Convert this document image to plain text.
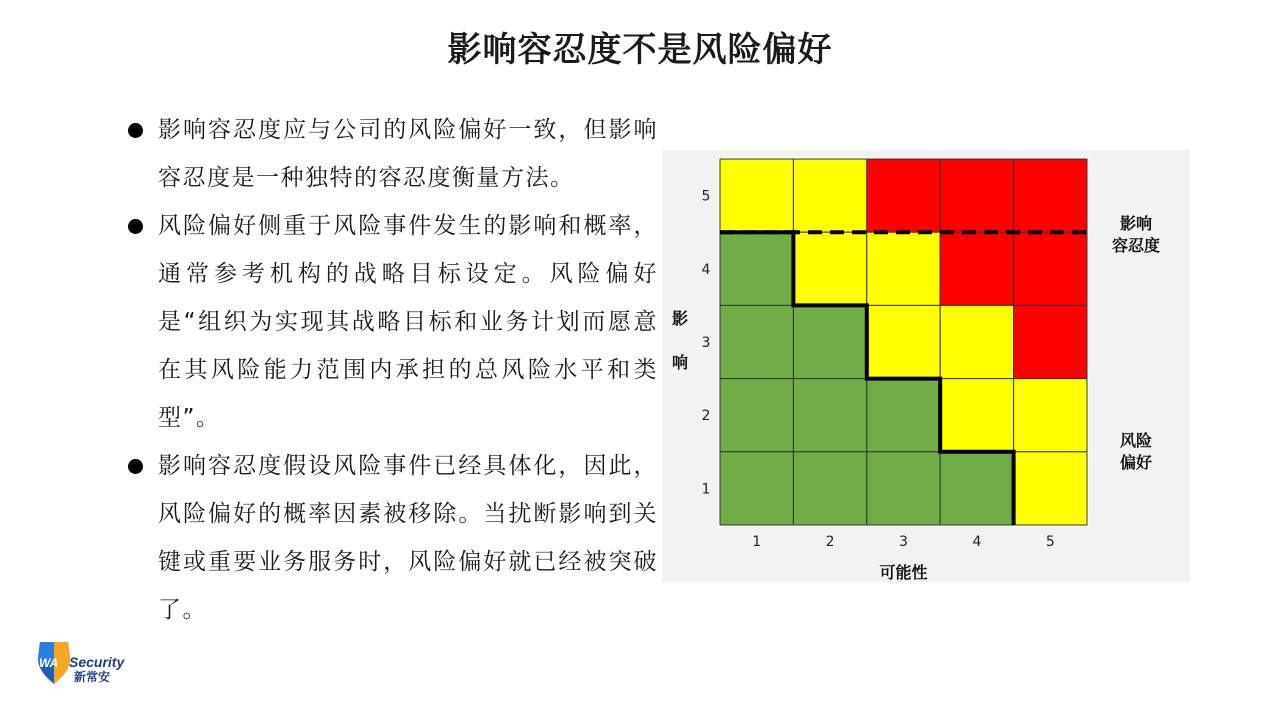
影响容忍度不是风险偏好
影响容忍度应与公司的风险偏好一致，但影响容忍度是一种独特的容忍度衡量方法。
风险偏好侧重于风险事件发生的影响和概率，通常参考机构的战略目标设定。风险偏好是“组织为实现其战略目标和业务计划而愿意在其风险能力范围内承担的总风险水平和类型”。
影响容忍度假设风险事件已经具体化，因此，风险偏好的概率因素被移除。当扰断影响到关键或重要业务服务时，风险偏好就已经被突破了。
1	2	3	4	5
1
2
3
4
5
可能性
影
响
影响
容忍度
风险
偏好
WA Security
新常安
